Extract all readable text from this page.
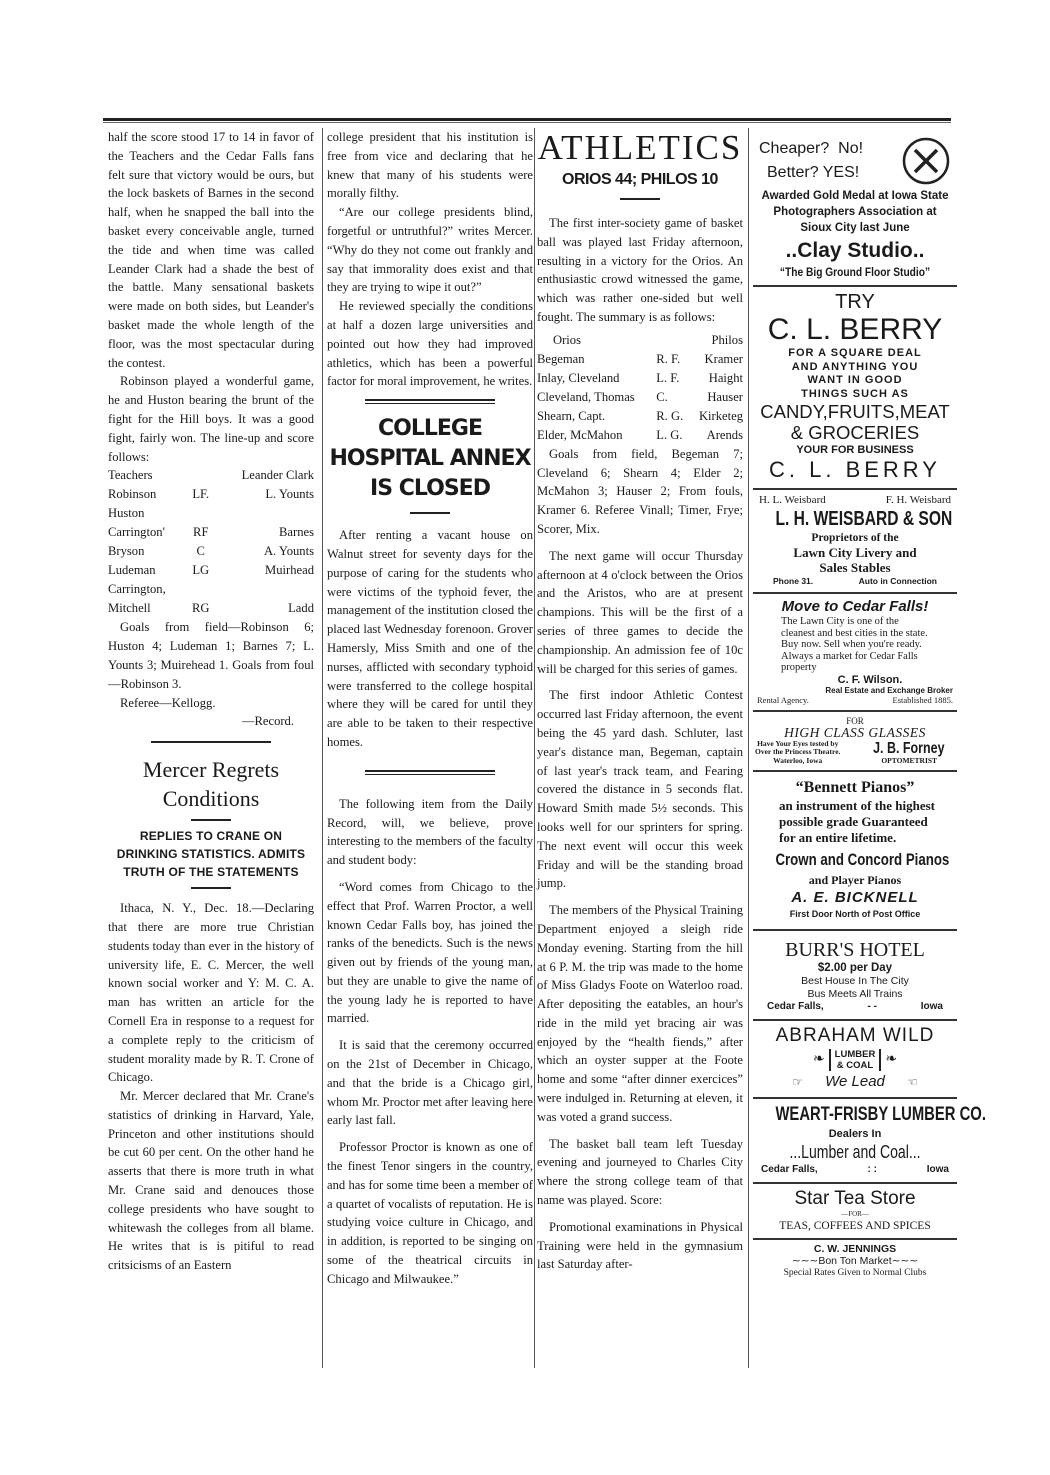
half the score stood 17 to 14 in favor of the Teachers and the Cedar Falls fans felt sure that victory would be ours, but the lock baskets of Barnes in the second half, when he snapped the ball into the basket every conceivable angle, turned the tide and when time was called Leander Clark had a shade the best of the battle. Many sensational baskets were made on both sides, but Leander's basket made the whole length of the floor, was the most spectacular during the contest.

Robinson played a wonderful game, he and Huston bearing the brunt of the fight for the Hill boys. It was a good fight, fairly won. The line-up and score follows:

Teachers		Leander Clark
Robinson	LF.	L. Younts
Huston		
Carrington'	RF	Barnes
Bryson	C	A. Younts
Ludeman	LG	Muirhead
Carrington,		
Mitchell	RG	Ladd

Goals from field—Robinson 6; Huston 4; Ludeman 1; Barnes 7; L. Younts 3; Muirehead 1. Goals from foul—Robinson 3.

Referee—Kellogg.

—Record.
Mercer Regrets Conditions
REPLIES TO CRANE ON DRINKING STATISTICS. ADMITS TRUTH OF THE STATEMENTS

Ithaca, N. Y., Dec. 18.—Declaring that there are more true Christian students today than ever in the history of university life, E. C. Mercer, the well known social worker and Y: M. C. A. man has written an article for the Cornell Era in response to a request for a complete reply to the criticism of student morality made by R. T. Crone of Chicago.

Mr. Mercer declared that Mr. Crane's statistics of drinking in Harvard, Yale, Princeton and other institutions should be cut 60 per cent. On the other hand he asserts that there is more truth in what Mr. Crane said and denouces those college presidents who have sought to whitewash the colleges from all blame. He writes that is is pitiful to read critsicisms of an Eastern

college president that his institution is free from vice and declaring that he knew that many of his students were morally filthy.

“Are our college presidents blind, forgetful or untruthful?” writes Mercer. “Why do they not come out frankly and say that immorality does exist and that they are trying to wipe it out?”

He reviewed specially the conditions at half a dozen large universities and pointed out how they had improved athletics, which has been a powerful factor for moral improvement, he writes.

COLLEGE HOSPITAL ANNEX IS CLOSED

After renting a vacant house on Walnut street for seventy days for the purpose of caring for the students who were victims of the typhoid fever, the management of the institution closed the placed last Wednesday forenoon. Grover Hamersly, Miss Smith and one of the nurses, afflicted with secondary typhoid were transferred to the college hospital where they will be cared for until they are able to be taken to their respective homes.

The following item from the Daily Record, will, we believe, prove interesting to the members of the faculty and student body:

“Word comes from Chicago to the effect that Prof. Warren Proctor, a well known Cedar Falls boy, has joined the ranks of the benedicts. Such is the news given out by friends of the young man, but they are unable to give the name of the young lady he is reported to have married.

It is said that the ceremony occurred on the 21st of December in Chicago, and that the bride is a Chicago girl, whom Mr. Proctor met after leaving here early last fall.

Professor Proctor is known as one of the finest Tenor singers in the country, and has for some time been a member of a quartet of vocalists of reputation. He is studying voice culture in Chicago, and in addition, is reported to be singing on some of the theatrical circuits in Chicago and Milwaukee.”

ATHLETICS
ORIOS 44; PHILOS 10

The first inter-society game of basket ball was played last Friday afternoon, resulting in a victory for the Orios. An enthusiastic crowd witnessed the game, which was rather one-sided but well fought. The summary is as follows:

Orios		Philos
Begeman	R. F.	Kramer
Inlay, Cleveland	L. F.	Haight
Cleveland, Thomas	C.	Hauser
Shearn, Capt.	R. G.	Kirketeg
Elder, McMahon	L. G.	Arends

Goals from field, Begeman 7; Cleveland 6; Shearn 4; Elder 2; McMahon 3; Hauser 2; From fouls, Kramer 6. Referee Vinall; Timer, Frye; Scorer, Mix.

The next game will occur Thursday afternoon at 4 o'clock between the Orios and the Aristos, who are at present champions. This will be the first of a series of three games to decide the championship. An admission fee of 10c will be charged for this series of games.

The first indoor Athletic Contest occurred last Friday afternoon, the event being the 45 yard dash. Schluter, last year's distance man, Begeman, captain of last year's track team, and Fearing covered the distance in 5 seconds flat. Howard Smith made 5½ seconds. This looks well for our sprinters for spring. The next event will occur this week Friday and will be the standing broad jump.

The members of the Physical Training Department enjoyed a sleigh ride Monday evening. Starting from the hill at 6 P. M. the trip was made to the home of Miss Gladys Foote on Waterloo road. After depositing the eatables, an hour's ride in the mild yet bracing air was enjoyed by the “health fiends,” after which an oyster supper at the Foote home and some “after dinner exercices” were indulged in. Returning at eleven, it was voted a grand success.

The basket ball team left Tuesday evening and journeyed to Charles City where the strong college team of that name was played. Score:

Promotional examinations in Physical Training were held in the gymnasium last Saturday after-

Cheaper? No!
Better? YES!
Awarded Gold Medal at Iowa State Photographers Association at Sioux City last June
..Clay Studio..
“The Big Ground Floor Studio”
TRY
C. L. BERRY
FOR A SQUARE DEAL AND ANYTHING YOU WANT IN GOOD THINGS SUCH AS
CANDY,FRUITS,MEAT
& GROCERIES
YOUR FOR BUSINESS
C. L. BERRY
H. L. Weisbard	F. H. Weisbard
L. H. WEISBARD & SON
Proprietors of the
Lawn City Livery and
Sales Stables
Phone 31.	Auto in Connection
Move to Cedar Falls!
The Lawn City is one of the cleanest and best cities in the state. Buy now. Sell when you're ready. Always a market for Cedar Falls property
C. F. Wilson.
Real Estate and Exchange Broker
Rental Agency.	Established 1885.
FOR
HIGH CLASS GLASSES
Have Your Eyes tested by
Over the Princess Theatre.
Waterloo, Iowa
J. B. Forney
OPTOMETRIST
“Bennett Pianos”
an instrument of the highest possible grade Guaranteed for an entire lifetime.
Crown and Concord Pianos
and Player Pianos
A. E. BICKNELL
First Door North of Post Office
BURR'S HOTEL
$2.00 per Day
Best House In The City
Bus Meets All Trains
Cedar Falls,	- -	Iowa
ABRAHAM WILD
❧ LUMBER
& COAL ❧
☞ We Lead ☜
WEART-FRISBY LUMBER CO.
Dealers In
...Lumber and Coal...
Cedar Falls,	: :	Iowa
Star Tea Store
—FOR—
TEAS, COFFEES AND SPICES
C. W. JENNINGS
∼∼∼Bon Ton Market∼∼∼
Special Rates Given to Normal Clubs
